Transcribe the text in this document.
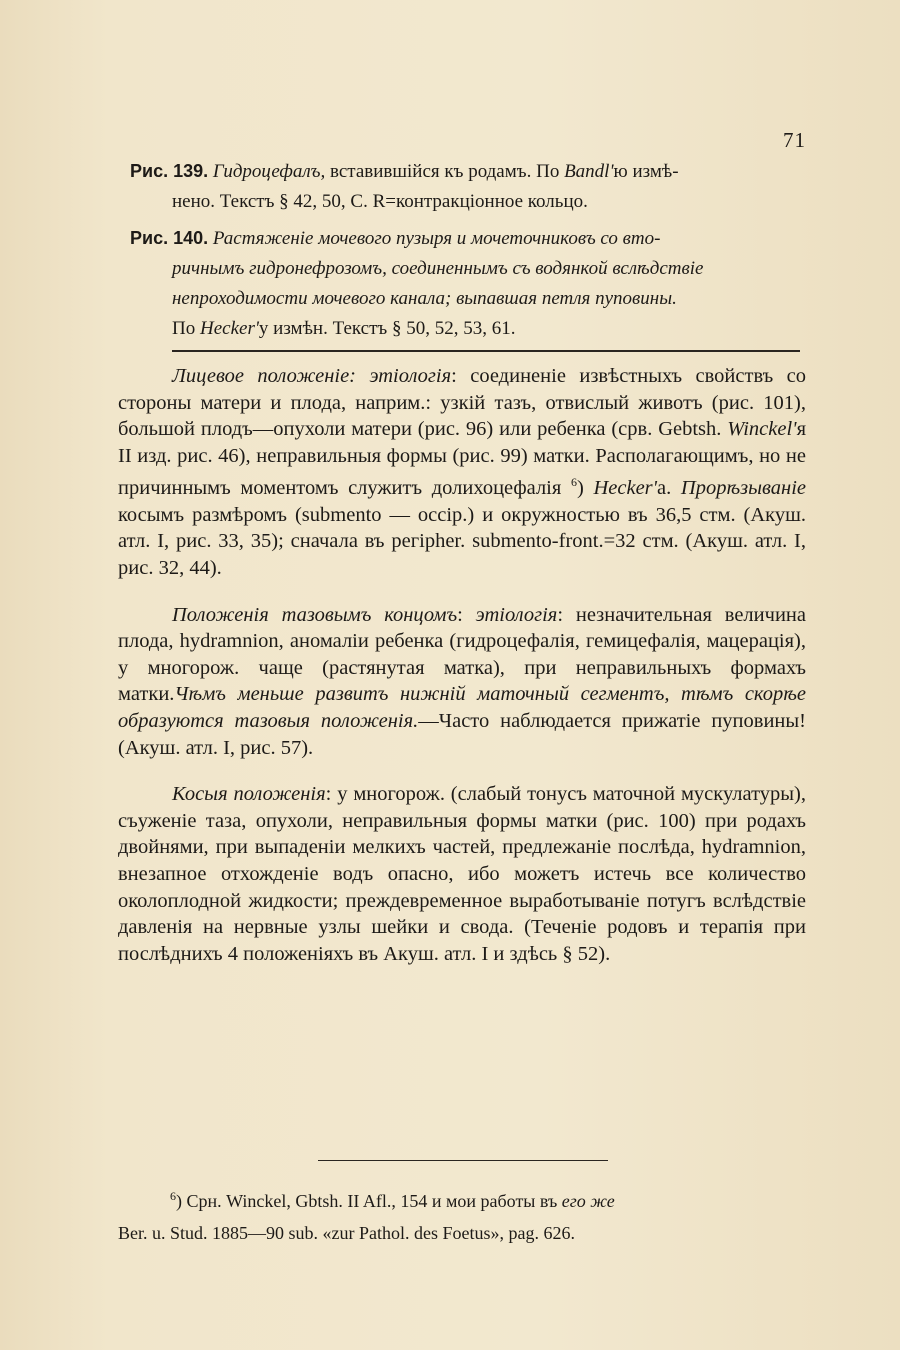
71
Рис. 139. Гидроцефалъ, вставившійся къ родамъ. По Bandl'ю измѣ-
нено. Текстъ § 42, 50, C. R=контракціонное кольцо.
Рис. 140. Растяженіе мочевого пузыря и мочеточниковъ со вто-
ричнымъ гидронефрозомъ, соединеннымъ съ водянкой вслѣдствіе
непроходимости мочевого канала; выпавшая петля пуповины.
По Hecker'у измѣн. Текстъ § 50, 52, 53, 61.

Лицевое положеніе: этіологія: соединеніе извѣстныхъ свойствъ со стороны матери и плода, наприм.: узкій тазъ, отвислый животъ (рис. 101), большой плодъ—опухоли матери (рис. 96) или ребенка (срв. Gebtsh. Winckel'я II изд. рис. 46), неправильныя формы (рис. 99) матки. Располагающимъ, но не причиннымъ моментомъ служитъ долихоцефалія $^6$) Hecker'а. Прорѣзываніе косымъ размѣромъ (submento — occip.) и окружностью въ 36,5 стм. (Акуш. атл. I, рис. 33, 35); сначала въ регірher. submento-front.=32 стм. (Акуш. атл. I, рис. 32, 44).

Положенія тазовымъ концомъ: этіологія: незначительная величина плода, hydramnion, аномаліи ребенка (гидроцефалія, гемицефалія, мацерація), у многорож. чаще (растянутая матка), при неправильныхъ формахъ матки.Чѣмъ меньше развитъ нижній маточный сегментъ, тѣмъ скорѣе образуются тазовыя положенія.—Часто наблюдается прижатіе пуповины! (Акуш. атл. I, рис. 57).

Косыя положенія: у многорож. (слабый тонусъ маточной мускулатуры), съуженіе таза, опухоли, неправильныя формы матки (рис. 100) при родахъ двойнями, при выпаденіи мелкихъ частей, предлежаніе послѣда, hydramnion, внезапное отхожденіе водъ опасно, ибо можетъ истечь все количество околоплодной жидкости; преждевременное выработываніе потугъ вслѣдствіе давленія на нервные узлы шейки и свода. (Теченіе родовъ и терапія при послѣднихъ 4 положеніяхъ въ Акуш. атл. I и здѣсь § 52).

$^6$) Срн. Winckel, Gbtsh. II Afl., 154 и мои работы въ его же
Ber. u. Stud. 1885—90 sub. «zur Pathol. des Foetus», pag. 626.
